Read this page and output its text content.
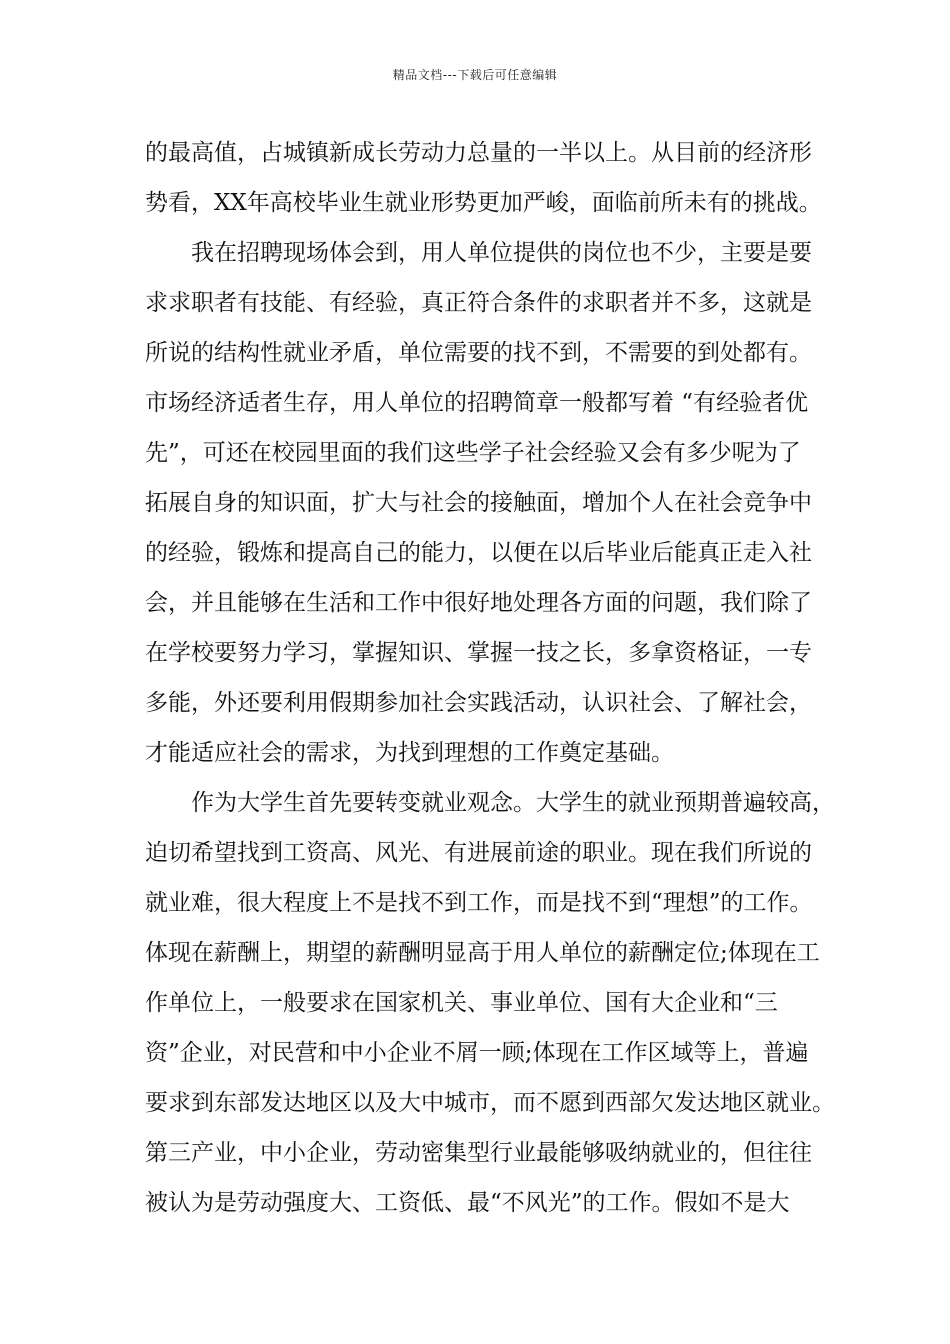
精品文档---下载后可任意编辑
的最高值，占城镇新成长劳动力总量的一半以上。从目前的经济形
势看，XX年高校毕业生就业形势更加严峻，面临前所未有的挑战。
我在招聘现场体会到，用人单位提供的岗位也不少，主要是要
求求职者有技能、有经验，真正符合条件的求职者并不多，这就是
所说的结构性就业矛盾，单位需要的找不到，不需要的到处都有。
市场经济适者生存，用人单位的招聘简章一般都写着 “有经验者优
先”，可还在校园里面的我们这些学子社会经验又会有多少呢为了
拓展自身的知识面，扩大与社会的接触面，增加个人在社会竞争中
的经验，锻炼和提高自己的能力，以便在以后毕业后能真正走入社
会，并且能够在生活和工作中很好地处理各方面的问题，我们除了
在学校要努力学习，掌握知识、掌握一技之长，多拿资格证，一专
多能，外还要利用假期参加社会实践活动，认识社会、了解社会，
才能适应社会的需求，为找到理想的工作奠定基础。
作为大学生首先要转变就业观念。大学生的就业预期普遍较高，
迫切希望找到工资高、风光、有进展前途的职业。现在我们所说的
就业难，很大程度上不是找不到工作，而是找不到“理想”的工作。
体现在薪酬上，期望的薪酬明显高于用人单位的薪酬定位;体现在工
作单位上，一般要求在国家机关、事业单位、国有大企业和“三
资”企业，对民营和中小企业不屑一顾;体现在工作区域等上，普遍
要求到东部发达地区以及大中城市，而不愿到西部欠发达地区就业。
第三产业，中小企业，劳动密集型行业最能够吸纳就业的，但往往
被认为是劳动强度大、工资低、最“不风光”的工作。假如不是大
